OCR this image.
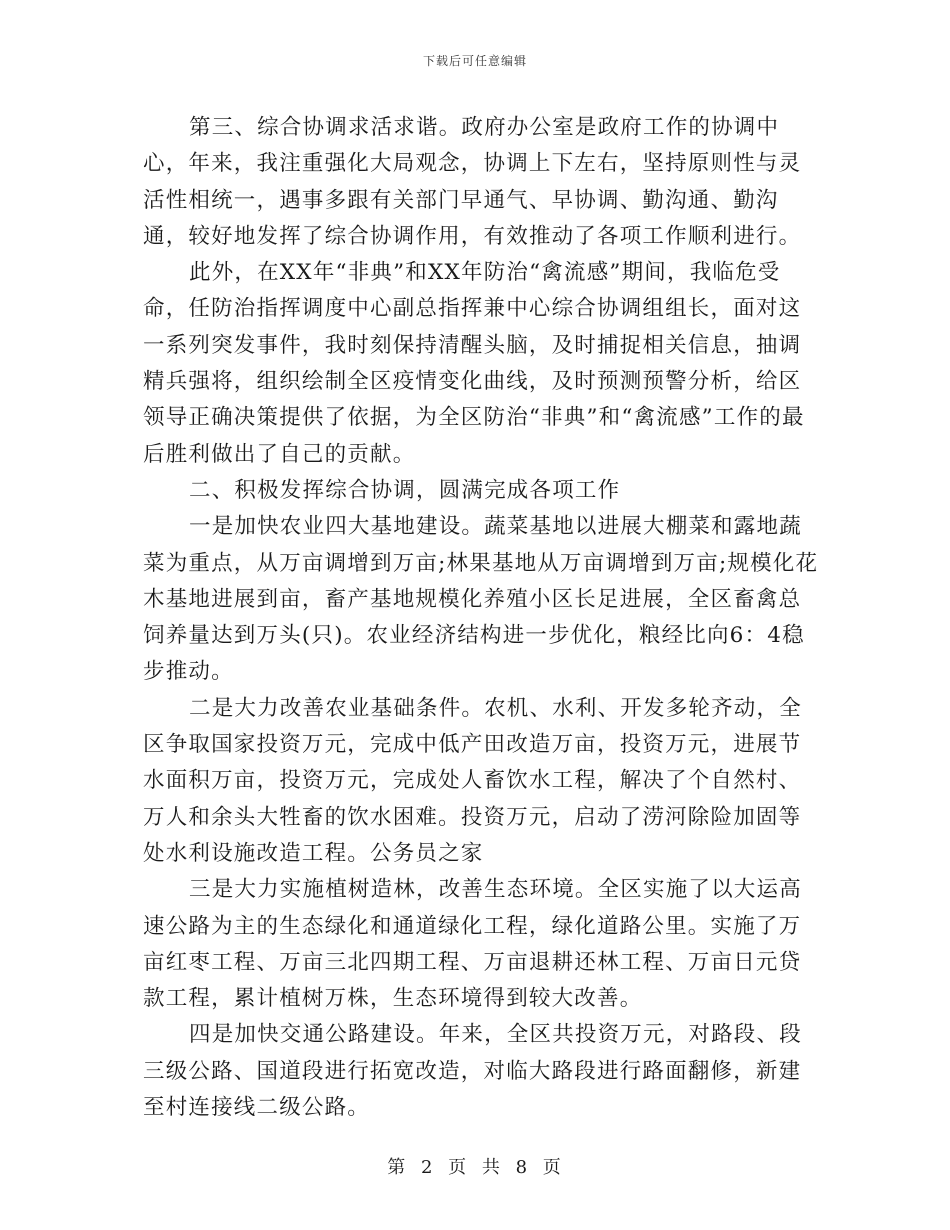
下载后可任意编辑

第三、综合协调求活求谐。政府办公室是政府工作的协调中心，年来，我注重强化大局观念，协调上下左右，坚持原则性与灵活性相统一，遇事多跟有关部门早通气、早协调、勤沟通、勤沟通，较好地发挥了综合协调作用，有效推动了各项工作顺利进行。

此外，在XX年“非典”和XX年防治“禽流感”期间，我临危受命，任防治指挥调度中心副总指挥兼中心综合协调组组长，面对这一系列突发事件，我时刻保持清醒头脑，及时捕捉相关信息，抽调精兵强将，组织绘制全区疫情变化曲线，及时预测预警分析，给区领导正确决策提供了依据，为全区防治“非典”和“禽流感”工作的最后胜利做出了自己的贡献。

二、积极发挥综合协调，圆满完成各项工作

一是加快农业四大基地建设。蔬菜基地以进展大棚菜和露地蔬菜为重点，从万亩调增到万亩;林果基地从万亩调增到万亩;规模化花木基地进展到亩，畜产基地规模化养殖小区长足进展，全区畜禽总饲养量达到万头(只)。农业经济结构进一步优化，粮经比向6：4稳步推动。

二是大力改善农业基础条件。农机、水利、开发多轮齐动，全区争取国家投资万元，完成中低产田改造万亩，投资万元，进展节水面积万亩，投资万元，完成处人畜饮水工程，解决了个自然村、万人和余头大牲畜的饮水困难。投资万元，启动了涝河除险加固等处水利设施改造工程。公务员之家

三是大力实施植树造林，改善生态环境。全区实施了以大运高速公路为主的生态绿化和通道绿化工程，绿化道路公里。实施了万亩红枣工程、万亩三北四期工程、万亩退耕还林工程、万亩日元贷款工程，累计植树万株，生态环境得到较大改善。

四是加快交通公路建设。年来，全区共投资万元，对路段、段三级公路、国道段进行拓宽改造，对临大路段进行路面翻修，新建至村连接线二级公路。

第 2 页 共 8 页
